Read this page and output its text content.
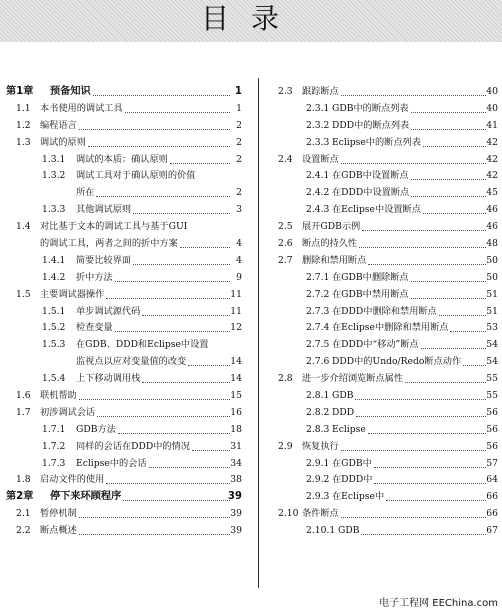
目录
第1章 预备知识	1
1.1 本书使用的调试工具	1
1.2 编程语言	2
1.3 调试的原则	2
1.3.1 调试的本质：确认原则	2
1.3.2 调试工具对于确认原则的价值
所在	2
1.3.3 其他调试原则	3
1.4 对比基于文本的调试工具与基于GUI
的调试工具，两者之间的折中方案	4
1.4.1 简要比较界面	4
1.4.2 折中方法	9
1.5 主要调试器操作	11
1.5.1 单步调试源代码	11
1.5.2 检查变量	12
1.5.3 在GDB、DDD和Eclipse中设置
监视点以应对变量值的改变	14
1.5.4 上下移动调用栈	14
1.6 联机帮助	15
1.7 初涉调试会话	16
1.7.1 GDB方法	18
1.7.2 同样的会话在DDD中的情况	31
1.7.3 Eclipse中的会话	34
1.8 启动文件的使用	38
第2章 停下来环顾程序	39
2.1 暂停机制	39
2.2 断点概述	39
2.3 跟踪断点	40
2.3.1 GDB中的断点列表	40
2.3.2 DDD中的断点列表	41
2.3.3 Eclipse中的断点列表	42
2.4 设置断点	42
2.4.1 在GDB中设置断点	42
2.4.2 在DDD中设置断点	45
2.4.3 在Eclipse中设置断点	46
2.5 展开GDB示例	46
2.6 断点的持久性	48
2.7 删除和禁用断点	50
2.7.1 在GDB中删除断点	50
2.7.2 在GDB中禁用断点	51
2.7.3 在DDD中删除和禁用断点	51
2.7.4 在Eclipse中删除和禁用断点	53
2.7.5 在DDD中“移动”断点	54
2.7.6 DDD中的Undo/Redo断点动作	54
2.8 进一步介绍浏览断点属性	55
2.8.1 GDB	55
2.8.2 DDD	56
2.8.3 Eclipse	56
2.9 恢复执行	56
2.9.1 在GDB中	57
2.9.2 在DDD中	64
2.9.3 在Eclipse中	66
2.10 条件断点	66
2.10.1 GDB	67
电子工程网 EEChina.com
